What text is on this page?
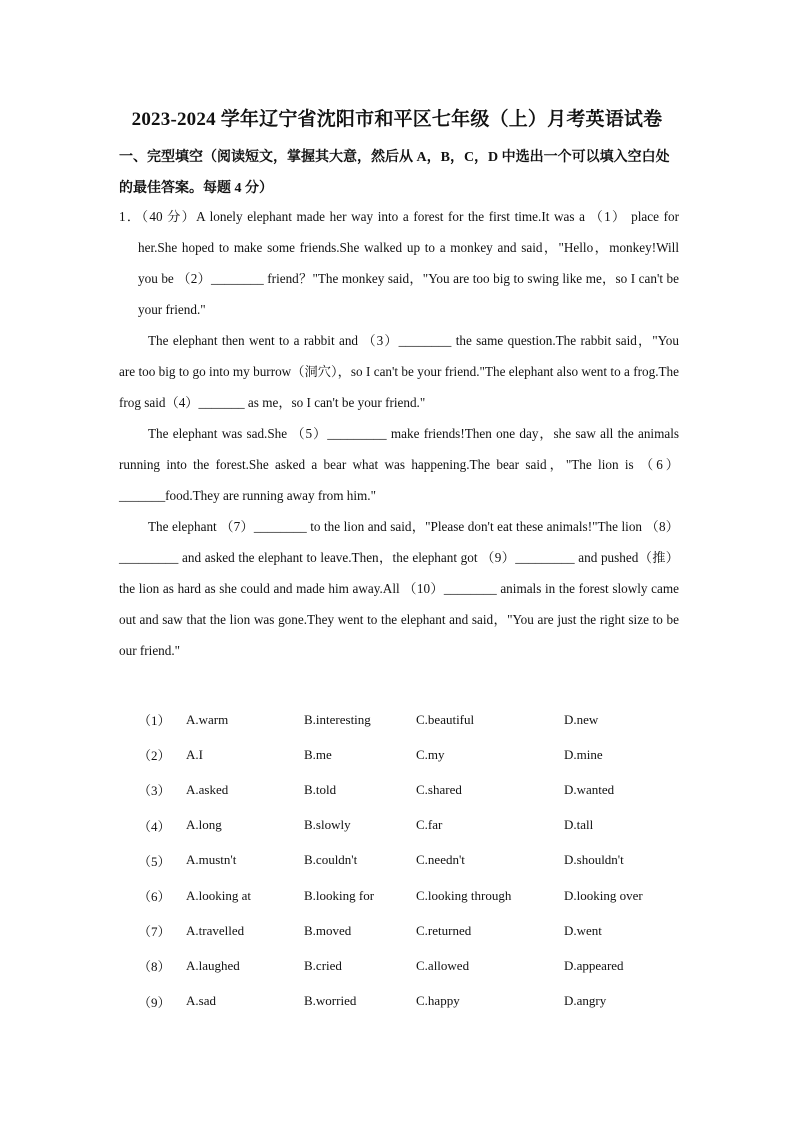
2023-2024 学年辽宁省沈阳市和平区七年级（上）月考英语试卷
一、完型填空（阅读短文，掌握其大意，然后从 A，B，C，D 中选出一个可以填入空白处的最佳答案。每题 4 分）

1．（40 分）A lonely elephant made her way into a forest for the first time.It was a （1） place for her.She hoped to make some friends.She walked up to a monkey and said，"Hello，monkey!Will you be （2）________ friend？"The monkey said，"You are too big to swing like me，so I can't be your friend."

The elephant then went to a rabbit and （3）________ the same question.The rabbit said，"You are too big to go into my burrow（洞穴），so I can't be your friend."The elephant also went to a frog.The frog said（4）_______ as me，so I can't be your friend."

The elephant was sad.She （5）_________ make friends!Then one day，she saw all the animals running into the forest.She asked a bear what was happening.The bear said，"The lion is （6）_______food.They are running away from him."

The elephant （7）________ to the lion and said，"Please don't eat these animals!"The lion （8）_________ and asked the elephant to leave.Then，the elephant got （9）_________ and pushed（推） the lion as hard as she could and made him away.All （10）________ animals in the forest slowly came out and saw that the lion was gone.They went to the elephant and said，"You are just the right size to be our friend."

（1）	A.warm	B.interesting	C.beautiful	D.new
（2）	A.I	B.me	C.my	D.mine
（3）	A.asked	B.told	C.shared	D.wanted
（4）	A.long	B.slowly	C.far	D.tall
（5）	A.mustn't	B.couldn't	C.needn't	D.shouldn't
（6）	A.looking at	B.looking for	C.looking through	D.looking over
（7）	A.travelled	B.moved	C.returned	D.went
（8）	A.laughed	B.cried	C.allowed	D.appeared
（9）	A.sad	B.worried	C.happy	D.angry
